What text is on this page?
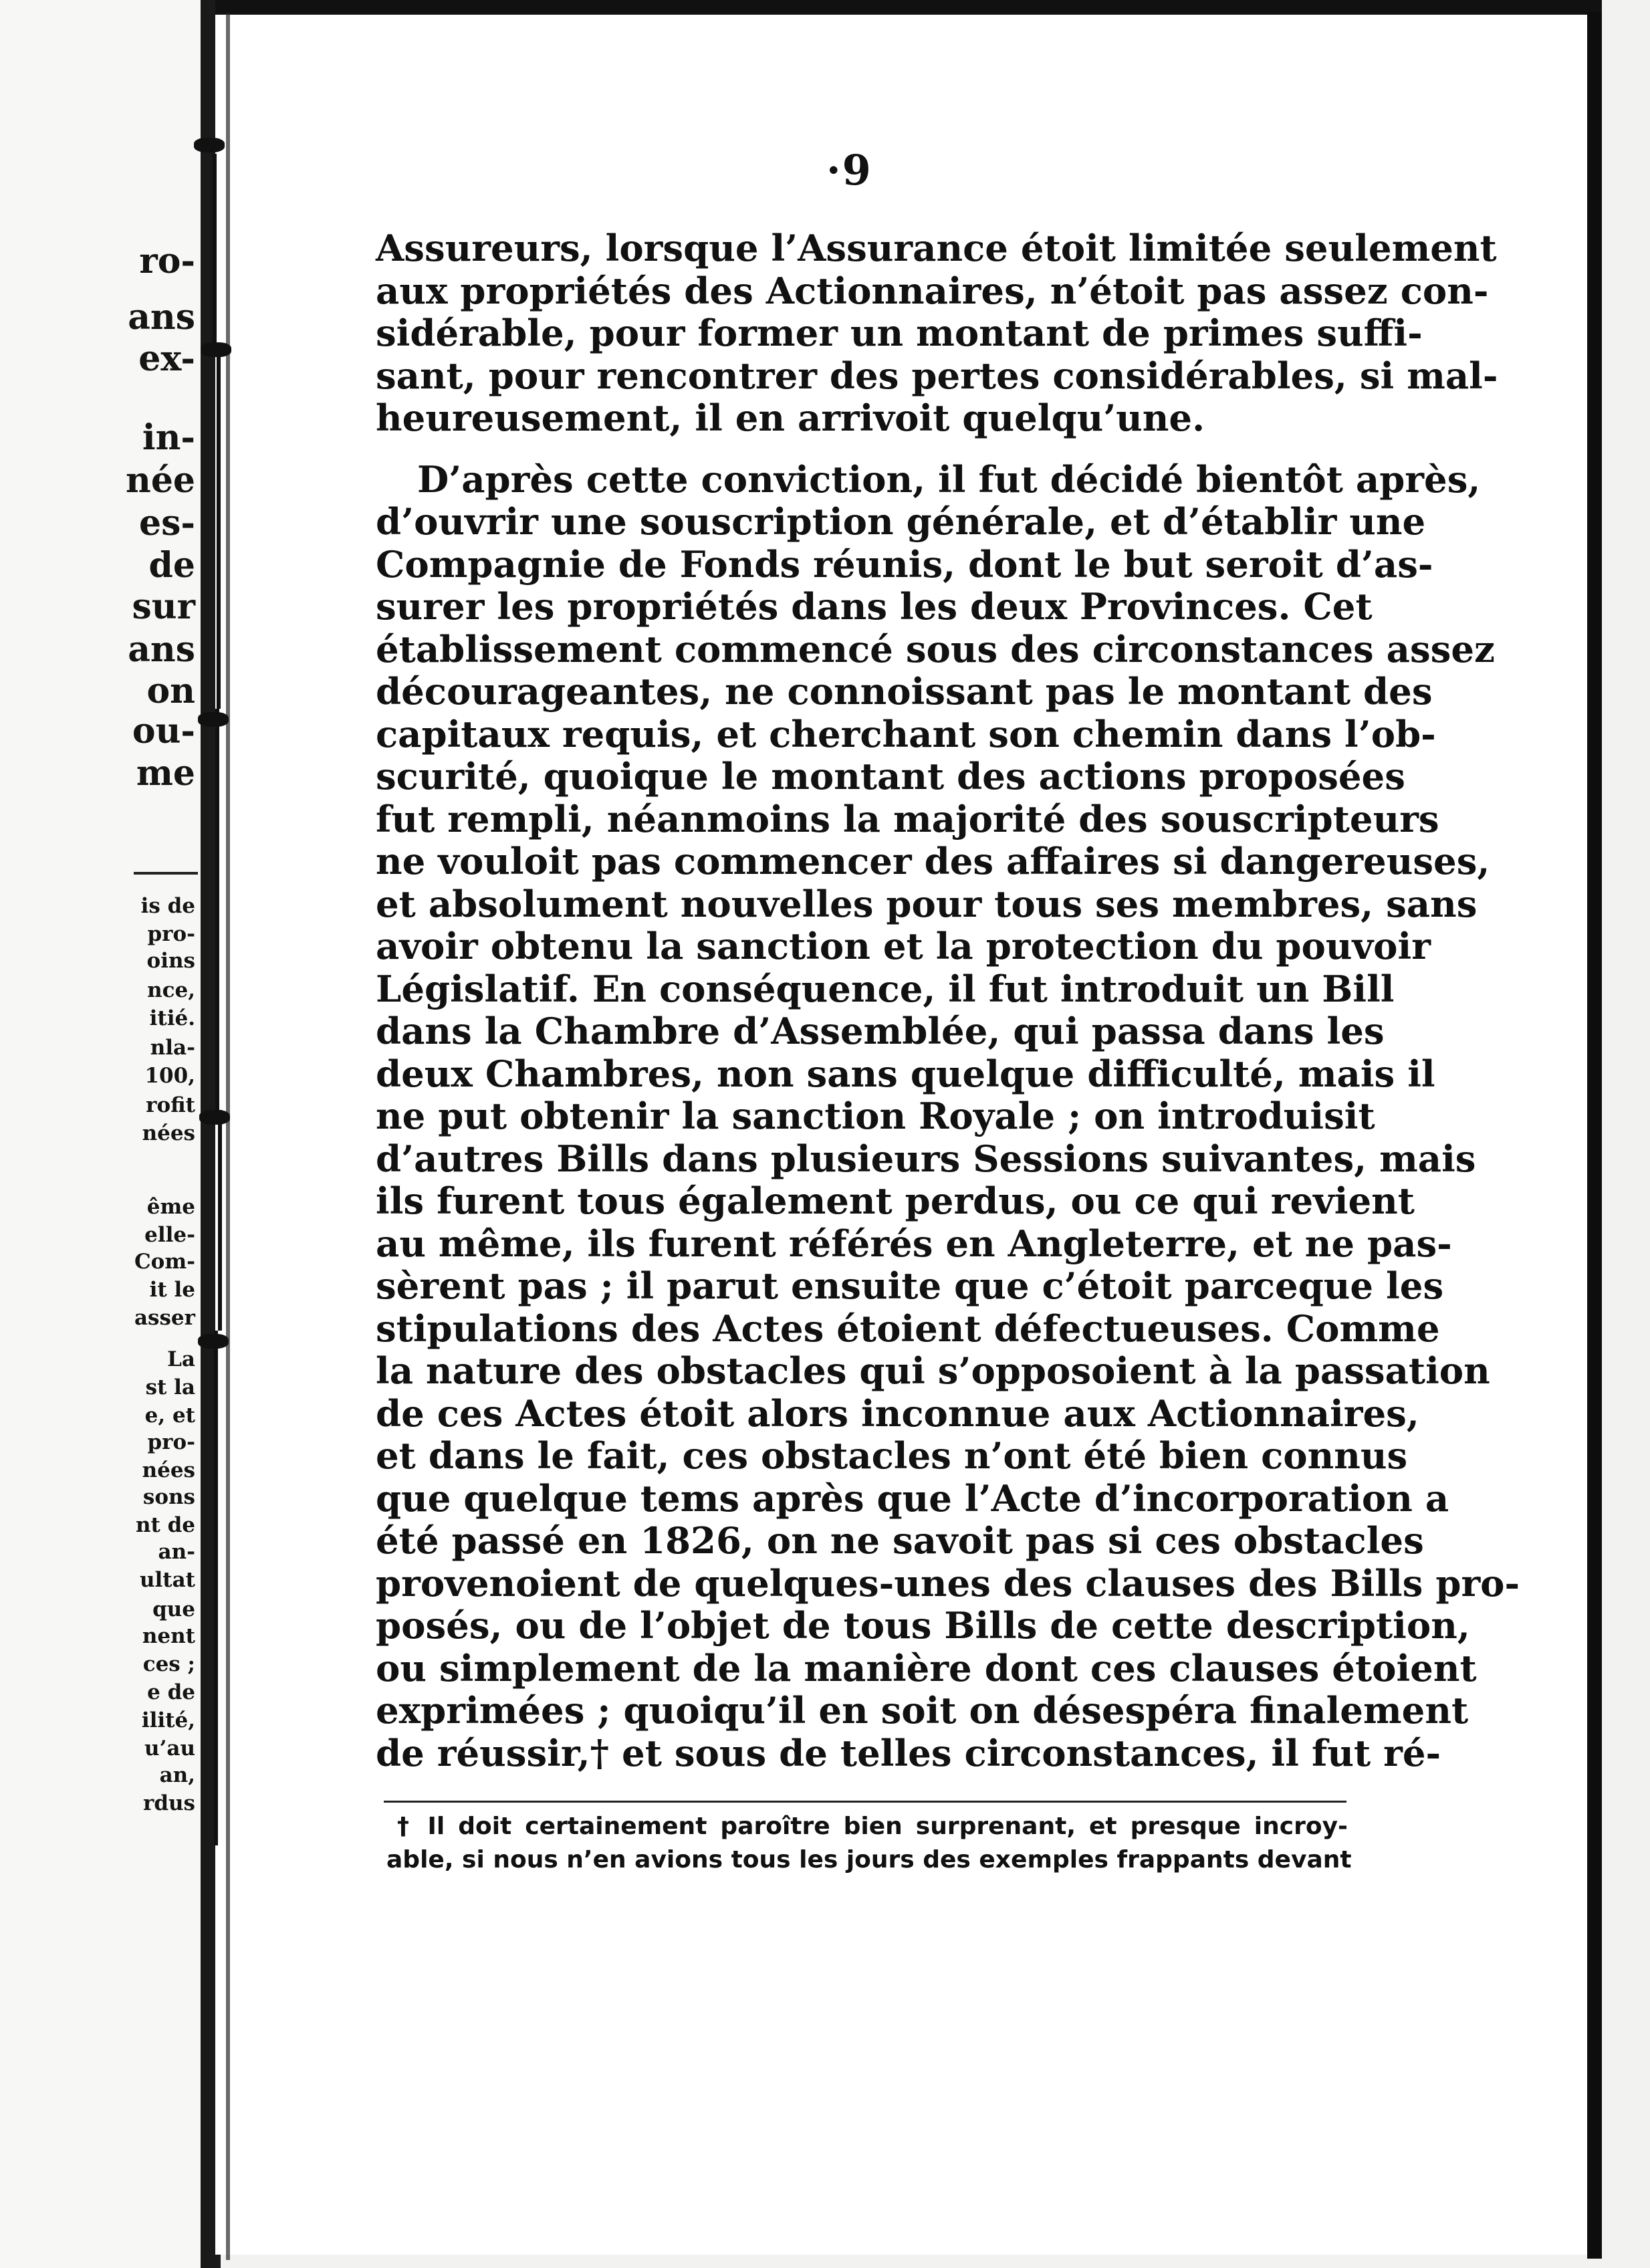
ro-
ans
ex-
in-
née
es-
de
sur
ans
on
ou-
me
is de
pro-
oins
nce,
itié.
nla-
100,
rofit
nées
ême
elle-
Com-
it le
asser
La
st la
e, et
pro-
nées
sons
nt de
an-
ultat
que
nent
ces ;
e de
ilité,
u’au
an,
rdus
·9
Assureurs, lorsque l’Assurance étoit limitée seulement
aux propriétés des Actionnaires, n’étoit pas assez con-
sidérable, pour former un montant de primes suffi-
sant, pour rencontrer des pertes considérables, si mal-
heureusement, il en arrivoit quelqu’une.
D’après cette conviction, il fut décidé bientôt après,
d’ouvrir une souscription générale, et d’établir une
Compagnie de Fonds réunis, dont le but seroit d’as-
surer les propriétés dans les deux Provinces. Cet
établissement commencé sous des circonstances assez
décourageantes, ne connoissant pas le montant des
capitaux requis, et cherchant son chemin dans l’ob-
scurité, quoique le montant des actions proposées
fut rempli, néanmoins la majorité des souscripteurs
ne vouloit pas commencer des affaires si dangereuses,
et absolument nouvelles pour tous ses membres, sans
avoir obtenu la sanction et la protection du pouvoir
Législatif. En conséquence, il fut introduit un Bill
dans la Chambre d’Assemblée, qui passa dans les
deux Chambres, non sans quelque difficulté, mais il
ne put obtenir la sanction Royale ; on introduisit
d’autres Bills dans plusieurs Sessions suivantes, mais
ils furent tous également perdus, ou ce qui revient
au même, ils furent référés en Angleterre, et ne pas-
sèrent pas ; il parut ensuite que c’étoit parceque les
stipulations des Actes étoient défectueuses. Comme
la nature des obstacles qui s’opposoient à la passation
de ces Actes étoit alors inconnue aux Actionnaires,
et dans le fait, ces obstacles n’ont été bien connus
que quelque tems après que l’Acte d’incorporation a
été passé en 1826, on ne savoit pas si ces obstacles
provenoient de quelques-unes des clauses des Bills pro-
posés, ou de l’objet de tous Bills de cette description,
ou simplement de la manière dont ces clauses étoient
exprimées ; quoiqu’il en soit on désespéra finalement
de réussir,† et sous de telles circonstances, il fut ré-
† Il doit certainement paroître bien surprenant, et presque incroy-
able, si nous n’en avions tous les jours des exemples frappants devant
